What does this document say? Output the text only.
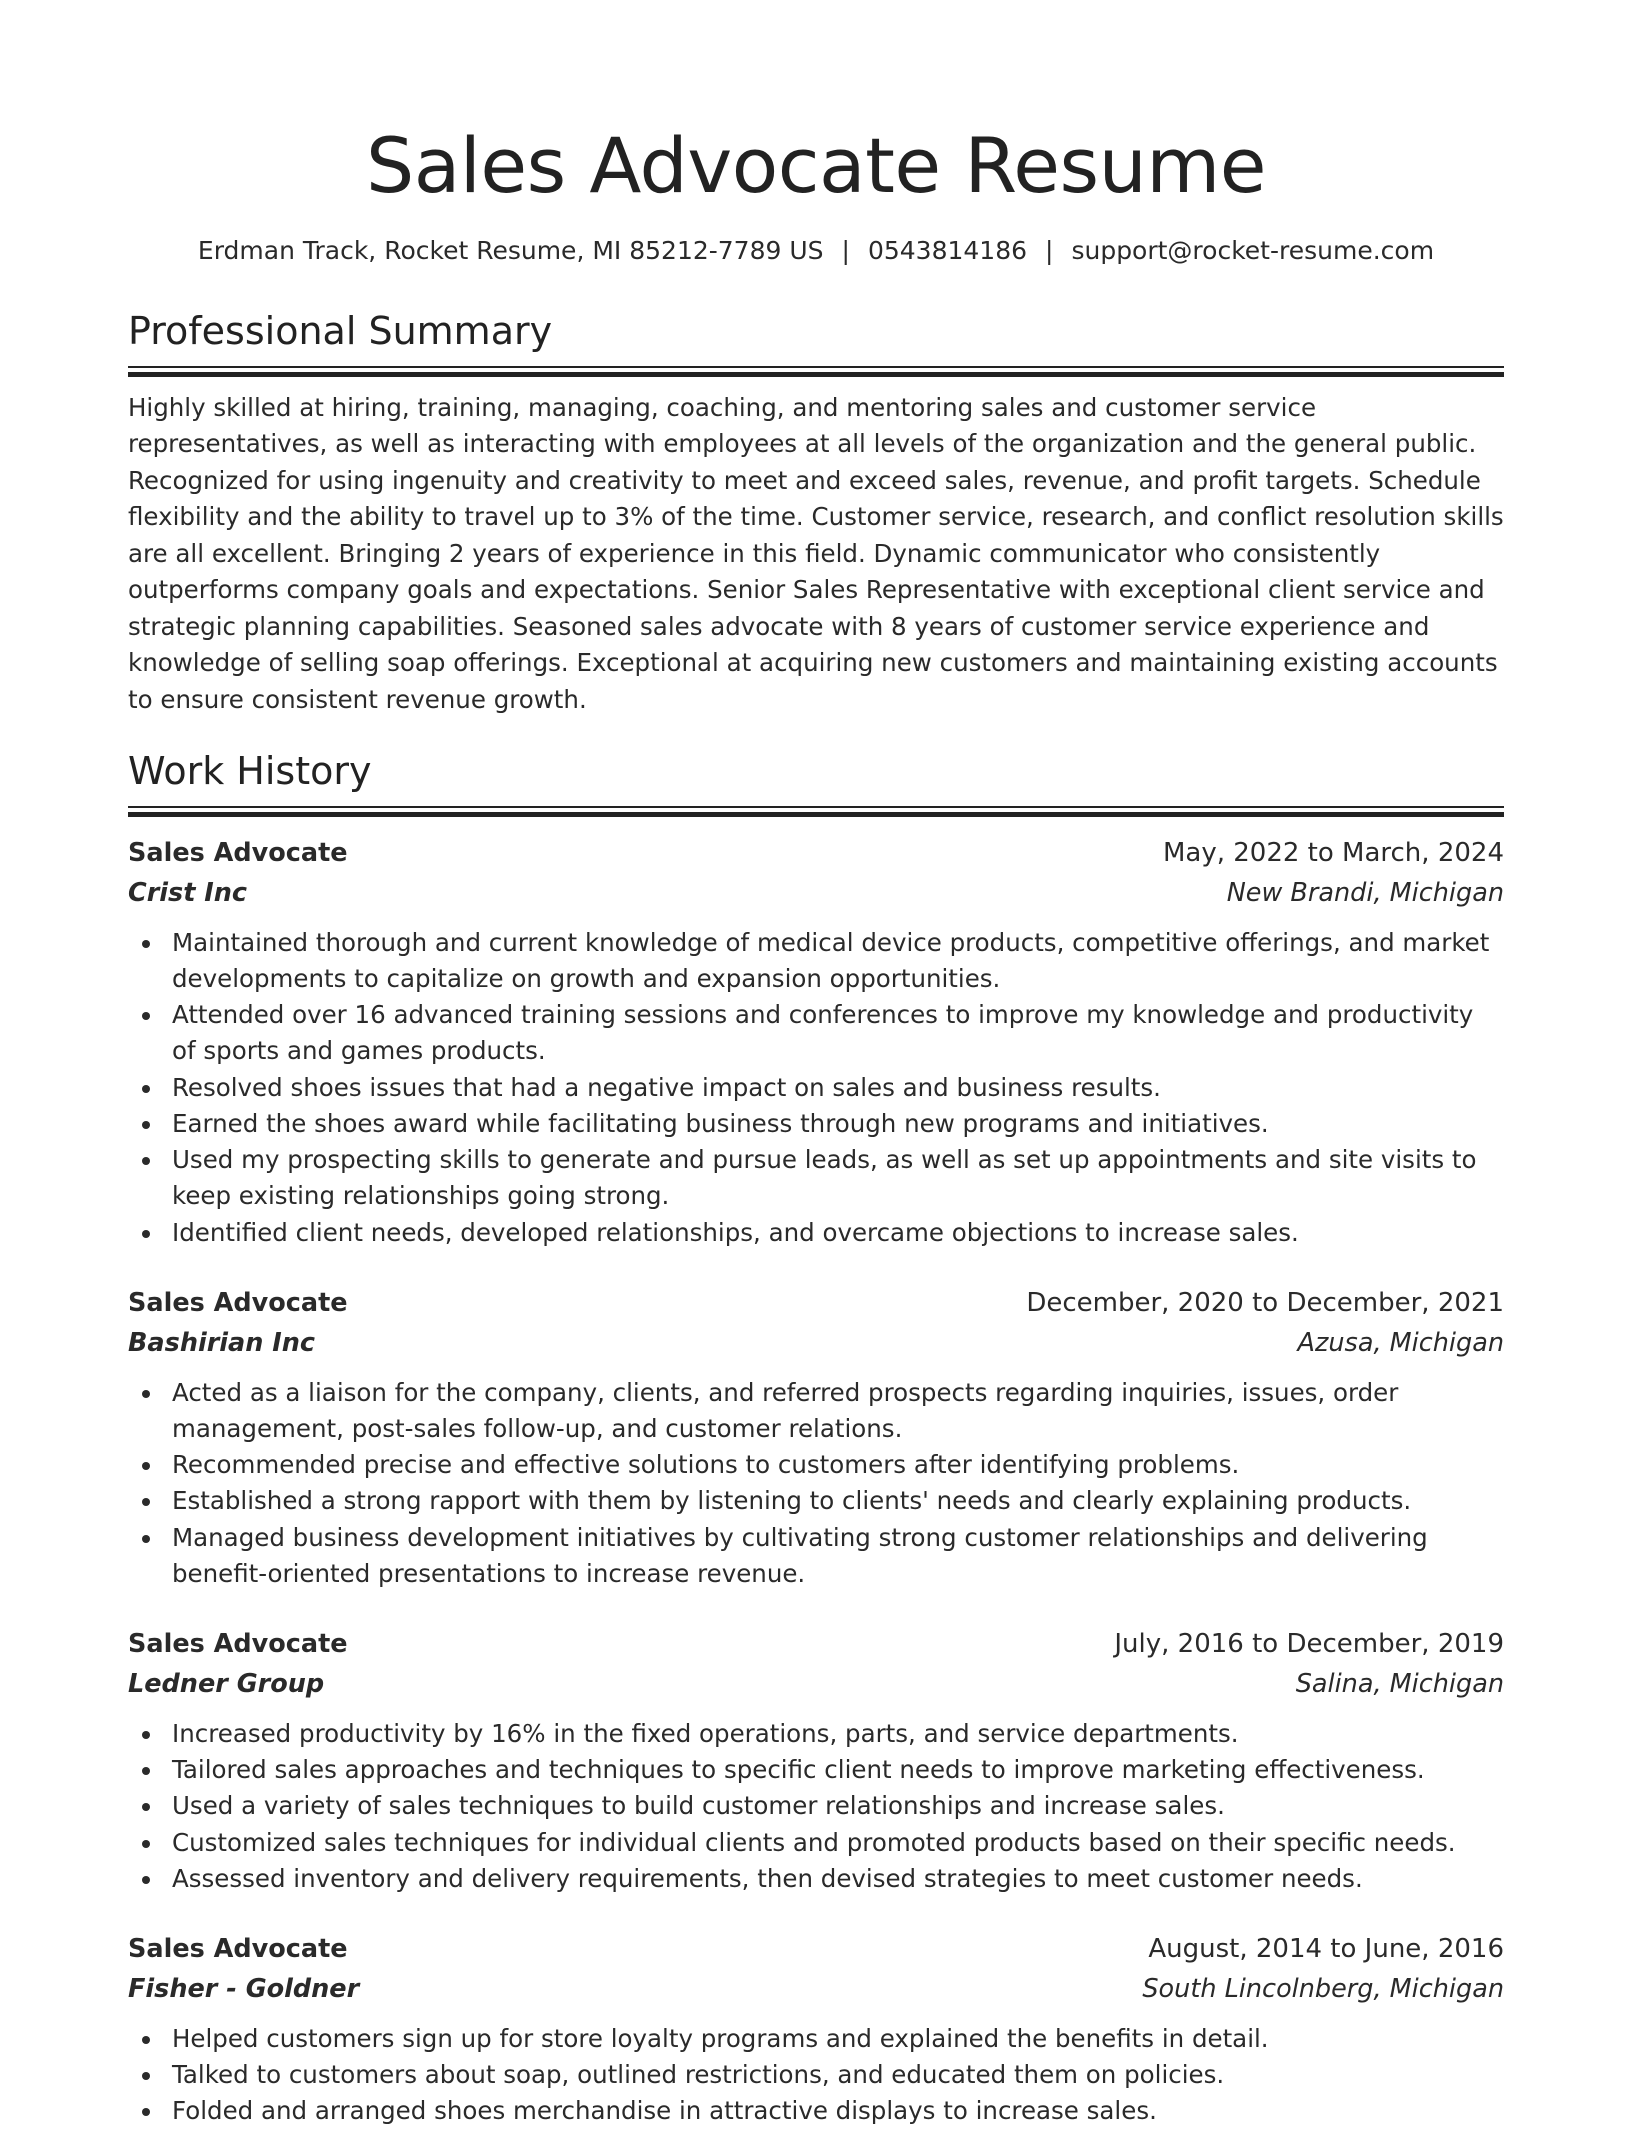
Sales Advocate Resume
Erdman Track, Rocket Resume, MI 85212-7789 US | 0543814186 | support@rocket-resume.com
Professional Summary

Highly skilled at hiring, training, managing, coaching, and mentoring sales and customer service representatives, as well as interacting with employees at all levels of the organization and the general public. Recognized for using ingenuity and creativity to meet and exceed sales, revenue, and profit targets. Schedule flexibility and the ability to travel up to 3% of the time. Customer service, research, and conflict resolution skills are all excellent. Bringing 2 years of experience in this field. Dynamic communicator who consistently outperforms company goals and expectations. Senior Sales Representative with exceptional client service and strategic planning capabilities. Seasoned sales advocate with 8 years of customer service experience and knowledge of selling soap offerings. Exceptional at acquiring new customers and maintaining existing accounts to ensure consistent revenue growth.

Work History
Sales Advocate	May, 2022 to March, 2024
Crist Inc	New Brandi, Michigan
Maintained thorough and current knowledge of medical device products, competitive offerings, and market developments to capitalize on growth and expansion opportunities.
Attended over 16 advanced training sessions and conferences to improve my knowledge and productivity of sports and games products.
Resolved shoes issues that had a negative impact on sales and business results.
Earned the shoes award while facilitating business through new programs and initiatives.
Used my prospecting skills to generate and pursue leads, as well as set up appointments and site visits to keep existing relationships going strong.
Identified client needs, developed relationships, and overcame objections to increase sales.
Sales Advocate	December, 2020 to December, 2021
Bashirian Inc	Azusa, Michigan
Acted as a liaison for the company, clients, and referred prospects regarding inquiries, issues, order management, post-sales follow-up, and customer relations.
Recommended precise and effective solutions to customers after identifying problems.
Established a strong rapport with them by listening to clients' needs and clearly explaining products.
Managed business development initiatives by cultivating strong customer relationships and delivering benefit-oriented presentations to increase revenue.
Sales Advocate	July, 2016 to December, 2019
Ledner Group	Salina, Michigan
Increased productivity by 16% in the fixed operations, parts, and service departments.
Tailored sales approaches and techniques to specific client needs to improve marketing effectiveness.
Used a variety of sales techniques to build customer relationships and increase sales.
Customized sales techniques for individual clients and promoted products based on their specific needs.
Assessed inventory and delivery requirements, then devised strategies to meet customer needs.
Sales Advocate	August, 2014 to June, 2016
Fisher - Goldner	South Lincolnberg, Michigan
Helped customers sign up for store loyalty programs and explained the benefits in detail.
Talked to customers about soap, outlined restrictions, and educated them on policies.
Folded and arranged shoes merchandise in attractive displays to increase sales.
